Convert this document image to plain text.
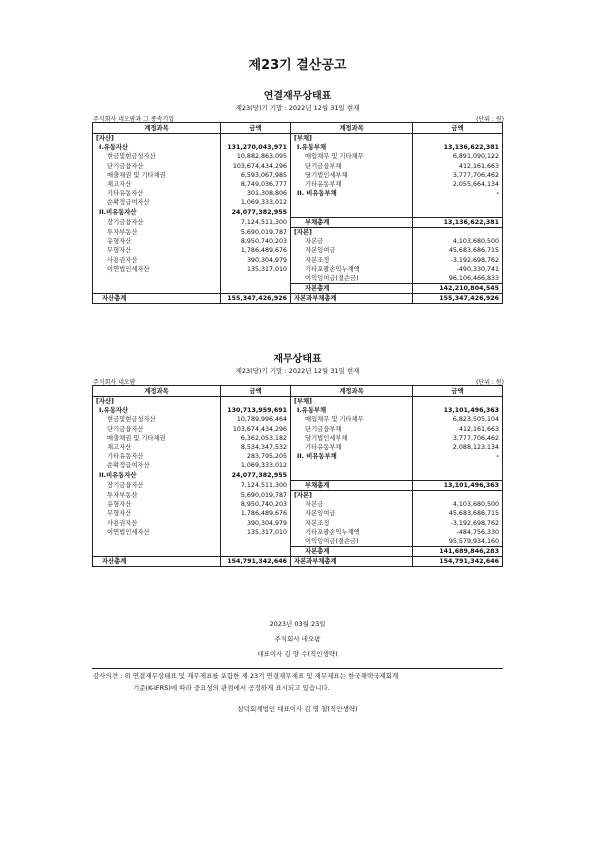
제23기 결산공고
연결재무상태표
제23(당)기 기말 : 2022년 12월 31일 현재
주식회사 네오팜과 그 종속기업	(단위 : 원)
계정과목	금액	계정과목	금액
[자산]		[부채]	
I.유동자산	131,270,043,971	I.유동부채	13,136,622,381
현금및현금성자산	10,882,863,095	매입채무 및 기타채무	6,891,090,122
단기금융자산	103,674,434,296	단기금융부채	412,161,663
매출채권 및 기타채권	6,593,067,985	당기법인세부채	3,777,706,462
재고자산	8,749,036,777	기타유동부채	2,055,664,134
기타유동자산	301,308,806	II. 비유동부채	-
순확정급여자산	1,069,333,012		
II.비유동자산	24,077,382,955		
장기금융자산	7,124,511,300	부채총계	13,136,622,381
투자부동산	5,690,019,787	[자본]	
유형자산	8,950,740,203	자본금	4,103,680,500
무형자산	1,786,489,676	자본잉여금	45,683,686,715
사용권자산	390,304,979	자본조정	-3,192,698,762
이연법인세자산	135,317,010	기타포괄손익누계액	-490,330,741
		이익잉여금(결손금)	96,106,466,833
		자본총계	142,210,804,545
자산총계	155,347,426,926	자본과부채총계	155,347,426,926
재무상태표
제23(당)기 기말 : 2022년 12월 31일 현재
주식회사 네오팜	(단위 : 원)
계정과목	금액	계정과목	금액
[자산]		[부채]	
I.유동자산	130,713,959,691	I.유동부채	13,101,496,363
현금및현금성자산	10,789,996,464	매입채무 및 기타채무	6,823,505,104
단기금융자산	103,674,434,296	단기금융부채	412,161,663
매출채권 및 기타채권	6,362,053,182	당기법인세부채	3,777,706,462
재고자산	8,534,347,532	기타유동부채	2,088,123,134
기타유동자산	283,795,205	II. 비유동부채	-
순확정급여자산	1,069,333,012		
II.비유동자산	24,077,382,955		
장기금융자산	7,124,511,300	부채총계	13,101,496,363
투자부동산	5,690,019,787	[자본]	
유형자산	8,950,740,203	자본금	4,103,680,500
무형자산	1,786,489,676	자본잉여금	45,683,686,715
사용권자산	390,304,979	자본조정	-3,192,698,762
이연법인세자산	135,317,010	기타포괄손익누계액	-484,756,330
		이익잉여금(결손금)	95,579,934,160
		자본총계	141,689,846,283
자산총계	154,791,342,646	자본과부채총계	154,791,342,646
2023년 03월 23일
주식회사 네오팜
대표이사 김 양 수(직인생략)
감사의견 : 위 연결재무상태표 및 재무제표를 포함한 제 23기 연결재무제표 및 재무제표는 한국채택국제회계
기준(K-IFRS)에 따라 중요성의 관점에서 공정하게 표시되고 있습니다.
삼덕회계법인 대표이사 김 명 철(직인생략)
